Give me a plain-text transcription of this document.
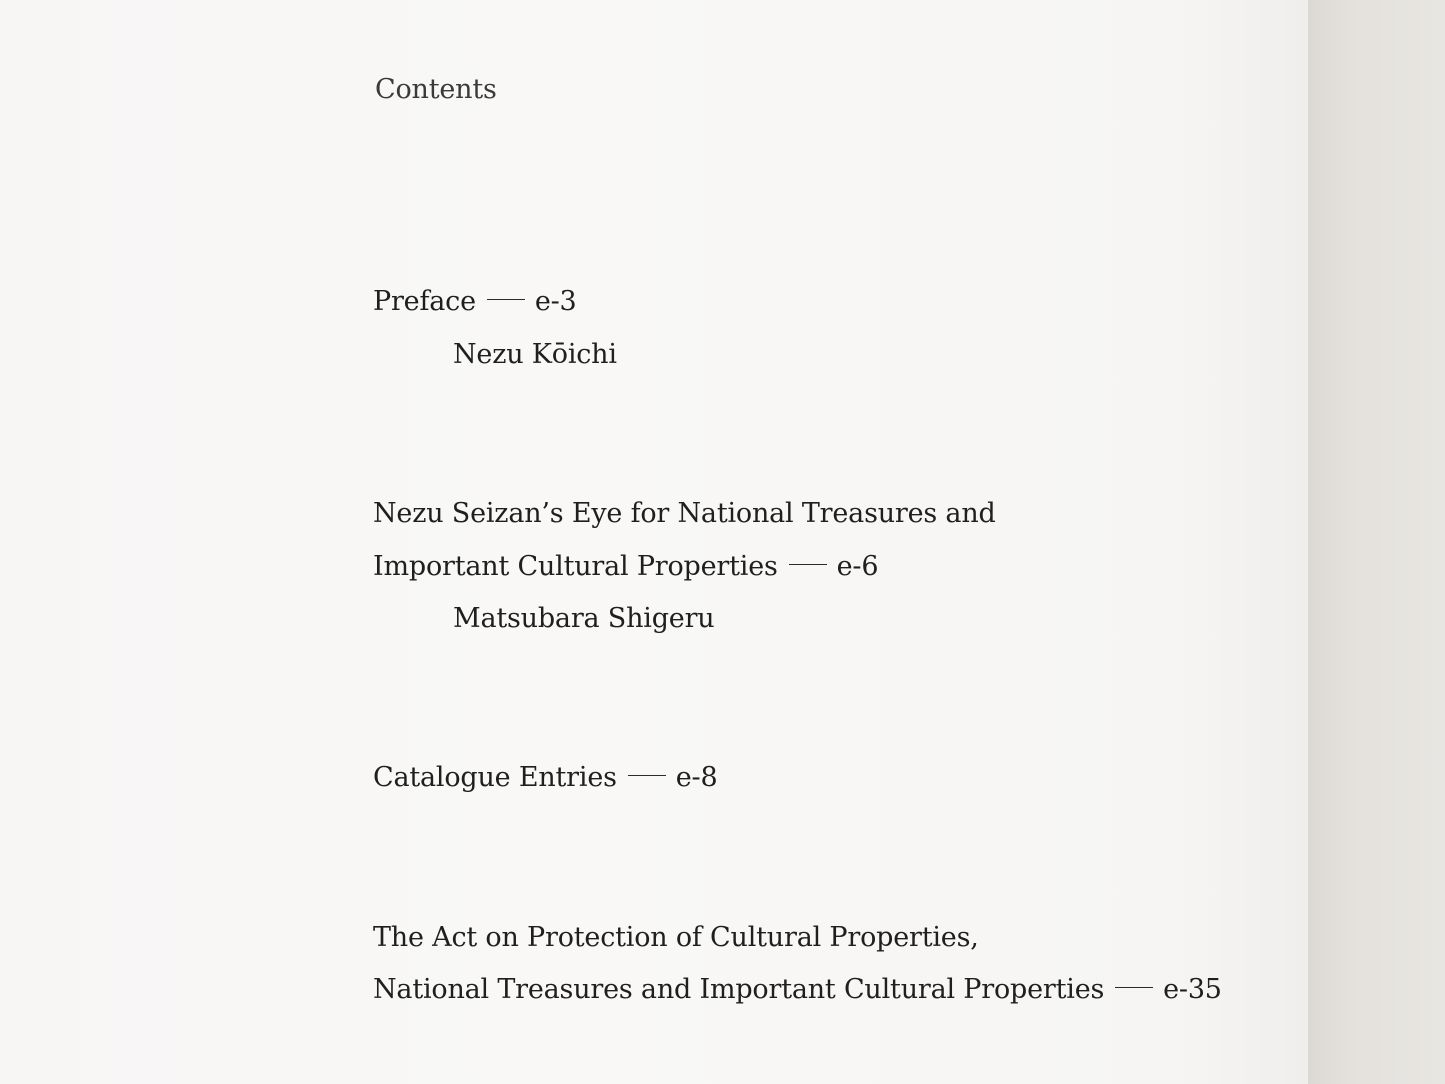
Contents
Preface e-3
Nezu Kōichi
Nezu Seizan’s Eye for National Treasures and
Important Cultural Properties e-6
Matsubara Shigeru
Catalogue Entries e-8
The Act on Protection of Cultural Properties,
National Treasures and Important Cultural Properties e-35
